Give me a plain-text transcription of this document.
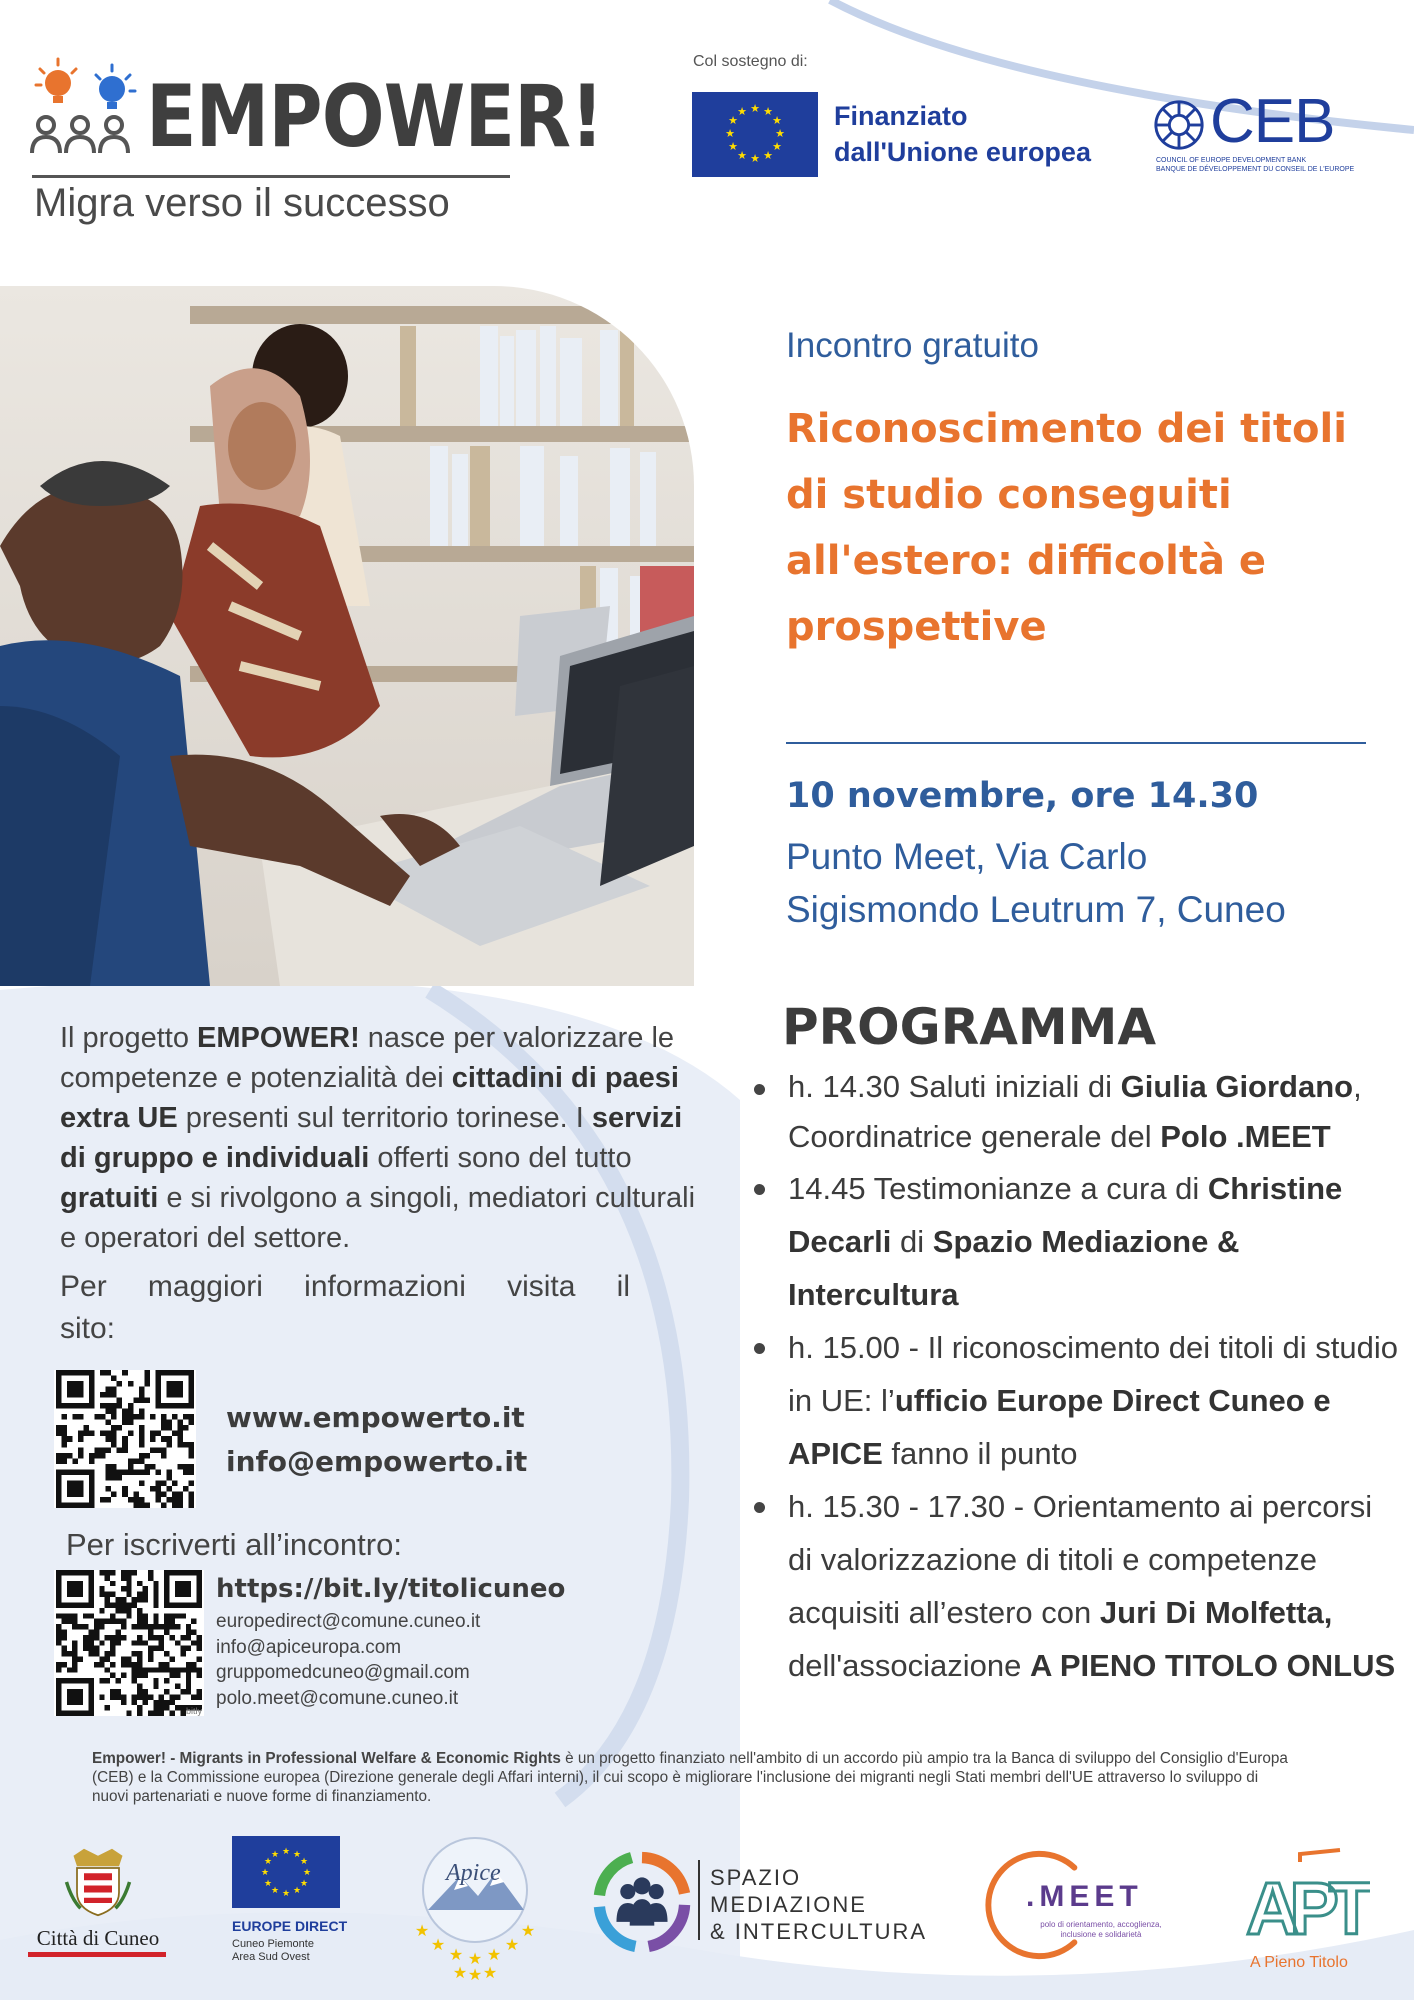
EMPOWER!
Migra verso il successo
Col sostegno di:
★ ★
★
★
★
★
★
★
★
★
★
★	Finanziato
dall'Unione europea CEB
COUNCIL OF EUROPE DEVELOPMENT BANK
BANQUE DE DÉVELOPPEMENT DU CONSEIL DE L'EUROPE
Incontro gratuito
Riconoscimento dei titoli di studio conseguiti all'estero: difficoltà e prospettive
10 novembre, ore 14.30
Punto Meet, Via Carlo
Sigismondo Leutrum 7, Cuneo
PROGRAMMA
h. 14.30 Saluti iniziali di Giulia Giordano, Coordinatrice generale del Polo .MEET
14.45 Testimonianze a cura di Christine Decarli di Spazio Mediazione & Intercultura
h. 15.00 - Il riconoscimento dei titoli di studio in UE: l’ufficio Europe Direct Cuneo e APICE fanno il punto
h. 15.30 - 17.30 - Orientamento ai percorsi di valorizzazione di titoli e competenze acquisiti all’estero con Juri Di Molfetta, dell'associazione A PIENO TITOLO ONLUS

Il progetto EMPOWER! nasce per valorizzare le competenze e potenzialità dei cittadini di paesi extra UE presenti sul territorio torinese. I servizi di gruppo e individuali offerti sono del tutto gratuiti e si rivolgono a singoli, mediatori culturali e operatori del settore.

Per maggiori informazioni visita il
sito:
www.empowerto.it
info@empowerto.it
Per iscriverti all’incontro:
bitly
https://bit.ly/titolicuneo
europedirect@comune.cuneo.it
info@apiceuropa.com
gruppomedcuneo@gmail.com
polo.meet@comune.cuneo.it

Empower! - Migrants in Professional Welfare & Economic Rights è un progetto finanziato nell'ambito di un accordo più ampio tra la Banca di sviluppo del Consiglio d'Europa (CEB) e la Commissione europea (Direzione generale degli Affari interni), il cui scopo è migliorare l'inclusione dei migranti negli Stati membri dell'UE attraverso lo sviluppo di nuovi partenariati e nuove forme di finanziamento.

Città di Cuneo
★ ★
★
★
★
★
★
★
★
★
★
★
EUROPE DIRECT
Cuneo Piemonte
Area Sud Ovest
★
★
★ ★ ★
★
★
★ ★ ★
Apice	SPAZIO
MEDIAZIONE
& INTERCULTURA
.MEET
polo di orientamento, accoglienza, inclusione e solidarietà	APT
A Pieno Titolo
